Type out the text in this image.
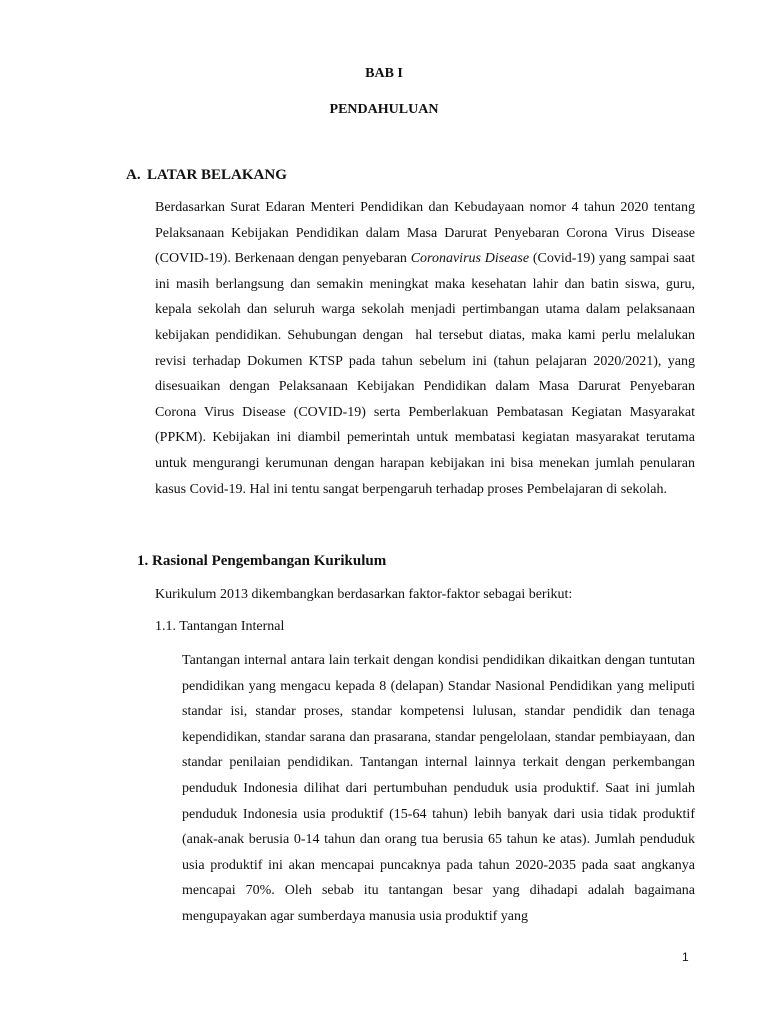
BAB I

PENDAHULUAN

A. LATAR BELAKANG

Berdasarkan Surat Edaran Menteri Pendidikan dan Kebudayaan nomor 4 tahun 2020 tentang Pelaksanaan Kebijakan Pendidikan dalam Masa Darurat Penyebaran Corona Virus Disease (COVID-19). Berkenaan dengan penyebaran Coronavirus Disease (Covid-19) yang sampai saat ini masih berlangsung dan semakin meningkat maka kesehatan lahir dan batin siswa, guru, kepala sekolah dan seluruh warga sekolah menjadi pertimbangan utama dalam pelaksanaan kebijakan pendidikan. Sehubungan dengan  hal tersebut diatas, maka kami perlu melalukan revisi terhadap Dokumen KTSP pada tahun sebelum ini (tahun pelajaran 2020/2021), yang disesuaikan dengan Pelaksanaan Kebijakan Pendidikan dalam Masa Darurat Penyebaran Corona Virus Disease (COVID-19) serta Pemberlakuan Pembatasan Kegiatan Masyarakat (PPKM). Kebijakan ini diambil pemerintah untuk membatasi kegiatan masyarakat terutama untuk mengurangi kerumunan dengan harapan kebijakan ini bisa menekan jumlah penularan kasus Covid-19. Hal ini tentu sangat berpengaruh terhadap proses Pembelajaran di sekolah.

1. Rasional Pengembangan Kurikulum

Kurikulum 2013 dikembangkan berdasarkan faktor-faktor sebagai berikut:

1.1. Tantangan Internal

Tantangan internal antara lain terkait dengan kondisi pendidikan dikaitkan dengan tuntutan pendidikan yang mengacu kepada 8 (delapan) Standar Nasional Pendidikan yang meliputi standar isi, standar proses, standar kompetensi lulusan, standar pendidik dan tenaga kependidikan, standar sarana dan prasarana, standar pengelolaan, standar pembiayaan, dan standar penilaian pendidikan. Tantangan internal lainnya terkait dengan perkembangan penduduk Indonesia dilihat dari pertumbuhan penduduk usia produktif. Saat ini jumlah penduduk Indonesia usia produktif (15-64 tahun) lebih banyak dari usia tidak produktif (anak-anak berusia 0-14 tahun dan orang tua berusia 65 tahun ke atas). Jumlah penduduk usia produktif ini akan mencapai puncaknya pada tahun 2020-2035 pada saat angkanya mencapai 70%. Oleh sebab itu tantangan besar yang dihadapi adalah bagaimana mengupayakan agar sumberdaya manusia usia produktif yang

1
